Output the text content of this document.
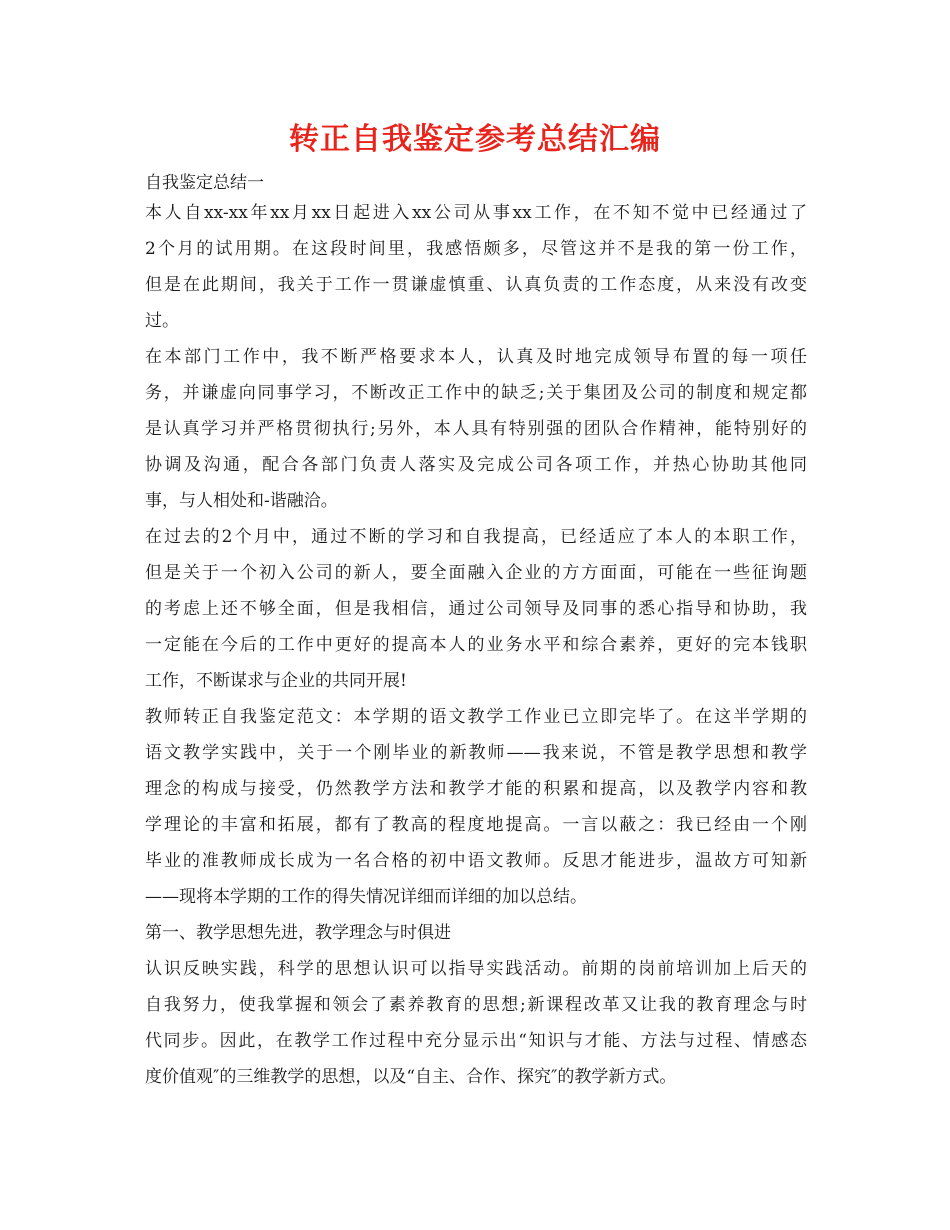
转正自我鉴定参考总结汇编

自我鉴定总结一

本人自xx-xx年xx月xx日起进入xx公司从事xx工作，在不知不觉中已经通过了

2个月的试用期。在这段时间里，我感悟颇多，尽管这并不是我的第一份工作，

但是在此期间，我关于工作一贯谦虚慎重、认真负责的工作态度，从来没有改变

过。

在本部门工作中，我不断严格要求本人，认真及时地完成领导布置的每一项任

务，并谦虚向同事学习，不断改正工作中的缺乏;关于集团及公司的制度和规定都

是认真学习并严格贯彻执行;另外，本人具有特别强的团队合作精神，能特别好的

协调及沟通，配合各部门负责人落实及完成公司各项工作，并热心协助其他同

事，与人相处和-谐融洽。

在过去的2个月中，通过不断的学习和自我提高，已经适应了本人的本职工作，

但是关于一个初入公司的新人，要全面融入企业的方方面面，可能在一些征询题

的考虑上还不够全面，但是我相信，通过公司领导及同事的悉心指导和协助，我

一定能在今后的工作中更好的提高本人的业务水平和综合素养，更好的完本钱职

工作，不断谋求与企业的共同开展!

教师转正自我鉴定范文：本学期的语文教学工作业已立即完毕了。在这半学期的

语文教学实践中，关于一个刚毕业的新教师——我来说，不管是教学思想和教学

理念的构成与接受，仍然教学方法和教学才能的积累和提高，以及教学内容和教

学理论的丰富和拓展，都有了教高的程度地提高。一言以蔽之：我已经由一个刚

毕业的准教师成长成为一名合格的初中语文教师。反思才能进步，温故方可知新

——现将本学期的工作的得失情况详细而详细的加以总结。

第一、教学思想先进，教学理念与时俱进

认识反映实践，科学的思想认识可以指导实践活动。前期的岗前培训加上后天的

自我努力，使我掌握和领会了素养教育的思想;新课程改革又让我的教育理念与时

代同步。因此，在教学工作过程中充分显示出“知识与才能、方法与过程、情感态

度价值观″的三维教学的思想，以及“自主、合作、探究″的教学新方式。
